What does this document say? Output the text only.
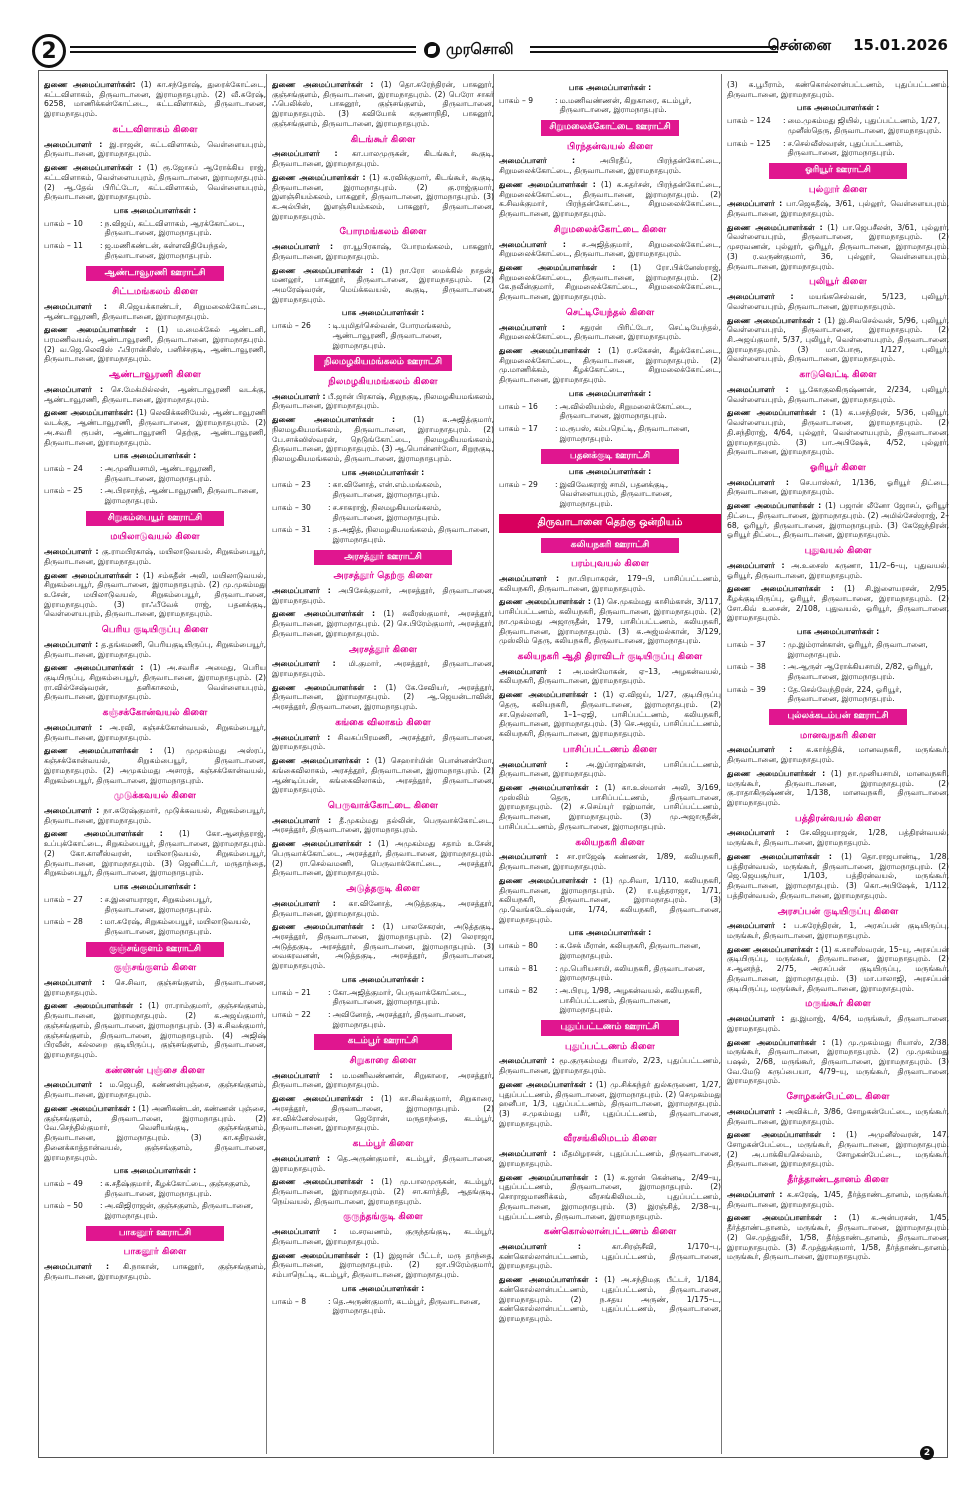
2	முரசொலி	சென்னை 15.01.2026
துணை அமைப்பாளர்கள்: (1) கா.சந்தோஷ், துரைக்கோட்டை, கட்டவிளாகம், திருவாடானை, இராமநாதபுரம். (2) வீ.சுரேஷ், 6258, மாணிக்கன்கோட்டை, கட்டவிளாகம், திருவாடானை, இராமநாதபுரம்.
கட்டவிளாகம் கிளை
அமைப்பாளர் : இ.ராஜன், கட்டவிளாகம், வெள்ளையபுரம், திருவாடானை, இராமநாதபுரம்.
துணை அமைப்பாளர்கள் : (1) ரூ.ஜோசப் ஆரோக்கிய ராஜ், கட்டவிளாகம், வெள்ளையபுரம், திருவாடானை, இராமநாதபுரம். (2) ஆ.தேவ் பிரிட்டோ, கட்டவிளாகம், வெள்ளையபுரம், திருவாடானை, இராமநாதபுரம்.
பாக அமைப்பாளர்கள் :
பாகம் – 10	: ந.விஜய், கட்டவிளாகம், ஆரக்கோட்டை, திருவாடானை, இராமநாதபுரம்.
பாகம் – 11	: ஜ.மணிகண்டன், கள்ளவிதியேந்தல், திருவாடானை, இராமநாதபுரம்.
ஆண்டாவூரணி ஊராட்சி
சிட்டமங்கலம் கிளை
அமைப்பாளர் : சி.ஜெயக்காண்டர், சிறுமலைக்கோட்டை, ஆண்டாவூரணி, திருவாடானை, இராமநாதபுரம்.
துணை அமைப்பாளர்கள் : (1) ம.மைக்கேல் ஆண்டனி, பரமணிவயல், ஆண்டாவூரணி, திருவாடானை, இராமநாதபுரம். (2) வ.ஜெ.லெவிஸ் ஃபிரான்சிஸ், பனிச்சகுடி, ஆண்டாவூரணி, திருவாடானை, இராமநாதபுரம்.
ஆண்டாவூரணி கிளை
அமைப்பாளர் : செ.மேக்மில்லன், ஆண்டாவூரணி வடக்கு, ஆண்டாவூரணி, திருவாடானை, இராமநாதபுரம்.
துணை அமைப்பாளர்கள்: (1) லெவிக்கனியேல், ஆண்டாவூரணி வடக்கு, ஆண்டாவூரணி, திருவாடானை, இராமநாதபுரம். (2) அ.சவரி ரூபன், ஆண்டாவூரணி தெற்கு, ஆண்டாவூரணி, திருவாடானை, இராமநாதபுரம்.
பாக அமைப்பாளர்கள் :
பாகம் – 24	: அ.முனியசாமி, ஆண்டாவூரணி, திருவாடானை, இராமநாதபுரம்.
பாகம் – 25	: அ.பிரசாந்த், ஆண்டாவூரணி, திருவாடானை, இராமநாதபுரம்.
சிறுகம்பையூர் ஊராட்சி
மயிலாடுவயல் கிளை
அமைப்பாளர் : கு.ராமபிரகாஷ், மயிலாடுவயல், சிறுகம்பையூர், திருவாடானை, இராமநாதபுரம்.
துணை அமைப்பாளர்கள் : (1) சம்சுதீன் அலி, மயிலாடுவயல், சிறுகம்பையூர், திருவாடானை, இராமநாதபுரம். (2) மு.முகம்மது உசேன், மயிலாடுவயல், சிறுகம்பையூர், திருவாடானை, இராமநாதபுரம். (3) ராஃபீவேக் ராஜ், பதனக்குடி, வெள்ளையபுரம், திருவாடானை, இராமநாதபுரம்.
பெரிய குடியிருப்பு கிளை
அமைப்பாளர் : த.தங்கமணி, பெரியகுடியிருப்பு, சிறுகம்பையூர், திருவாடானை, இராமநாதபுரம்.
துணை அமைப்பாளர்கள் : (1) அ.சவரிச அமைது, பெரிய குடியிருப்பு, சிறுகம்பையூர், திருவாடானை, இராமநாதபுரம். (2) ரா.வில்சேஷ்வரன், தனிகாசலம், வெள்ளையபுரம், திருவாடானை, இராமநாதபுரம்.
கஞ்சக்கோன்வயல் கிளை
அமைப்பாளர் : அ.ரவி, கஞ்சக்கோன்வயல், சிறுகம்பையூர், திருவாடானை, இராமநாதபுரம்.
துணை அமைப்பாளர்கள் : (1) முமுகம்மது அஸ்ரப், கஞ்சக்கோன்வயல், சிறுகம்பையூர், திருவாடானை, இராமநாதபுரம். (2) அமுகம்மது அசாரத், கஞ்சக்கோன்வயல், சிறுகம்பையூர், திருவாடானை, இராமநாதபுரம்.
முடுக்கவயல் கிளை
அமைப்பாளர் : நா.சுரேஷ்குமார், முடுக்கவயல், சிறுகம்பையூர், திருவாடானை, இராமநாதபுரம்.
துணை அமைப்பாளர்கள் : (1) கோ.ஆனந்தராஜ், உப்புக்கோட்டை, சிறுகம்பையூர், திருவாடானை, இராமநாதபுரம். (2) கோ.காளீஸ்வரன், மயிலாடுவயல், சிறுகம்பையூர், திருவாடானை, இராமநாதபுரம். (3) ஜெனிட்டர், மருதாந்தை, சிறுகம்பையூர், திருவாடானை, இராமநாதபுரம்.
பாக அமைப்பாளர்கள் :
பாகம் – 27	: ச.இளையராஜா, சிறுகம்பையூர், திருவாடானை, இராமநாதபுரம்.
பாகம் – 28	: மா.சுரேஷ், சிறுகம்பையூர், மயிலாடுவயல், திருவாடானை, இராமநாதபுரம்.
குஞ்சங்குளம் ஊராட்சி
குஞ்சங்குளம் கிளை
அமைப்பாளர் : செ.சிவா, குஞ்சங்குளம், திருவாடானை, இராமநாதபுரம்.
துணை அமைப்பாளர்கள் : (1) ரா.ராம்குமார், குஞ்சங்குளம், திருவாடானை, இராமநாதபுரம். (2) க.அஜய்குமார், குஞ்சங்குளம், திருவாடானை, இராமநாதபுரம். (3) க.சிவக்குமார், குஞ்சங்குளம், திருவாடானை, இராமநாதபுரம். (4) அஜிஷ் பிரவீன், கல்லறை குடியிருப்பு, குஞ்சங்குளம், திருவாடானை, இராமநாதபுரம்.
கண்ணன் புஞ்சை கிளை
அமைப்பாளர் : ம.ஜெபதி, கண்ணன்புஞ்சை, குஞ்சங்குளம், திருவாடானை, இராமநாதபுரம்.
துணை அமைப்பாளர்கள் : (1) அணிகண்டன், கண்ணன் புஞ்சை, குஞ்சங்குளம், திருவாடானை, இராமநாதபுரம். (2) வே.செந்தில்குமார், வெளியங்குடி, குஞ்சங்குளம், திருவாடானை, இராமநாதபுரம். (3) கா.கதிரவன், தினைக்காத்தான்வயல், குஞ்சங்குளம், திருவாடானை, இராமநாதபுரம்.
பாக அமைப்பாளர்கள் :
பாகம் – 49	: க.சதீஷ்குமார், கீழக்கோட்டை, குஞ்சகுளம், திருவாடானை, இராமநாதபுரம்.
பாகம் – 50	: அ.விஜிராஜன், குஞ்சகுளம், திருவாடானை, இராமநாதபுரம்.
பாகனூர் ஊராட்சி
பாகனூர் கிளை
அமைப்பாளர் : கி.நாகான், பாகனூர், குஞ்சங்குளம், திருவாடானை, இராமநாதபுரம்.
துணை அமைப்பாளர்கள் : (1) தொ.சுரேந்திரன், பாகனூர், குஞ்சங்குளம், திருவாடானை, இராமநாதபுரம். (2) பெரோ சாகர் ஃபெலிக்ஸ், பாகனூர், குஞ்சங்குளம், திருவாடானை, இராமநாதபுரம். (3) கவியோக் கருணாநிதி, பாகனூர், குஞ்சங்குளம், திருவாடானை, இராமநாதபுரம்.
கிடங்கூர் கிளை
அமைப்பாளர் : கா.பாலமுருகன், கிடங்கூர், கூகுடி, திருவாடானை, இராமநாதபுரம்.
துணை அமைப்பாளர்கள் : (1) க.ரவிக்குமார், கிடங்கூர், கூகுடி, திருவாடானை, இராமநாதபுரம். (2) கு.ராஜ்குமார், இளஞ்சியம்கலம், பாகனூர், திருவாடானை, இராமநாதபுரம். (3) க.அல்பின், இளஞ்சியம்கலம், பாகனூர், திருவாடானை, இராமநாதபுரம்.
போரமங்கலம் கிளை
அமைப்பாளர் : ரா.யூபிரகாஷ், போரமங்கலம், பாகனூர், திருவாடானை, இராமநாதபுரம்.
துணை அமைப்பாளர்கள் : (1) நா.ரோ மைக்கில் நாதன், மணலூர், பாகனூர், திருவாடானை, இராமநாதபுரம். (2) அமரேஷ்வரன், மெய்க்கவயல், கூகுடி, திருவாடானை, இராமநாதபுரம்.
பாக அமைப்பாளர்கள் :
பாகம் – 26	: டி.யுமிதர்செல்வன், போரமங்கலம், ஆண்டாவூரணி, திருவாடானை, இராமநாதபுரம்.
நிலமழகியமங்கலம் ஊராட்சி
நிலமழகியமங்கலம் கிளை
அமைப்பாளர் : பீ.ஜான் பிரகாஷ், சிறுநகுடி, நிலமழகியமங்கலம், திருவாடானை, இராமநாதபுரம்.
துணை அமைப்பாளர்கள் : (1) க.அஜித்குமார், நிலமழகியமங்கலம், திருவாடானை, இராமநாதபுரம். (2) பே.சாக்ஸிஸ்வரன், நெடுங்கோட்டை, நிலமழகியமங்கலம், திருவாடானை, இராமநாதபுரம். (3) ஆ.பொன்னர்மோ, சிறுநகுடி, நிலமழகியமங்கலம், திருவாடானை, இராமநாதபுரம்.
பாக அமைப்பாளர்கள் :
பாகம் – 23	: கா.வினோத், என்.எம்.மங்கலம், திருவாடானை, இராமநாதபுரம்.
பாகம் – 30	: ச.சாகராஜ், நிலமழகியமங்கலம், திருவாடானை, இராமநாதபுரம்.
பாகம் – 31	: த.அஜித், நிலமழகியமங்கலம், திருவாடானை, இராமநாதபுரம்.
அரசத்தூர் ஊராட்சி
அரசத்தூர் தெற்கு கிளை
அமைப்பாளர் : அபிசேக்குமார், அரசத்தூர், திருவாடானை, இராமநாதபுரம்.
துணை அமைப்பாளர்கள் : (1) சுவீரஸ்குமார், அரசத்தூர், திருவாடானை, இராமநாதபுரம். (2) செ.பிரேம்குமார், அரசத்தூர், திருவாடானை, இராமநாதபுரம்.
அரசத்தூர் கிளை
அமைப்பாளர் : மி.குமார், அரசத்தூர், திருவாடானை, இராமநாதபுரம்.
துணை அமைப்பாளர்கள் : (1) கே.சேவியர், அரசத்தூர், திருவாடானை, இராமநாதபுரம். (2) ஆ.ஜெயன்டாவின், அரசத்தூர், திருவாடானை, இராமநாதபுரம்.
கங்கை விலாகம் கிளை
அமைப்பாளர் : சிவசுப்பிரமணி, அரசத்தூர், திருவாடானை, இராமநாதபுரம்.
துணை அமைப்பாளர்கள் : (1) செஹார்மின் பொன்னன்மோ, கங்கைவிலாகம், அரசத்தூர், திருவாடானை, இராமநாதபுரம். (2) ஆண்டிப்பன், கங்கைவிலாகம், அரசத்தூர், திருவாடானை, இராமநாதபுரம்.
பெருவாக்கோட்டை கிளை
அமைப்பாளர் : தீ.முகம்மது தல்லின், பெருவாக்கோட்டை, அரசத்தூர், திருவாடானை, இராமநாதபுரம்.
துணை அமைப்பாளர்கள் : (1) அமுகம்மது சதாம் உசேன், பெருவாக்கோட்டை, அரசத்தூர், திருவாடானை, இராமநாதபுரம். (2) ரா.செல்வமணி, பெருவாக்கோட்டை, அரசத்தூர், திருவாடானை, இராமநாதபுரம்.
அடுத்தகுடி கிளை
அமைப்பாளர் : கா.வினோத், அடுத்தகுடி, அரசத்தூர், திருவாடானை, இராமநாதபுரம்.
துணை அமைப்பாளர்கள் : (1) பாலசேகரன், அடுத்தகுடி, அரசத்தூர், திருவாடானை, இராமநாதபுரம். (2) லெராஜா, அடுத்தகுடி, அரசத்தூர், திருவாடானை, இராமநாதபுரம். (3) வைகரவனன், அடுத்தகுடி, அரசத்தூர், திருவாடானை, இராமநாதபுரம்.
பாக அமைப்பாளர்கள் :
பாகம் – 21	: கோ.அஜித்குமார், பெருவாக்கோட்டை, திருவாடானை, இராமநாதபுரம்.
பாகம் – 22	: அவினோத், அரசத்தூர், திருவாடானை, இராமநாதபுரம்.
கடம்பூர் ஊராட்சி
சிறுகாரை கிளை
அமைப்பாளர் : ம.மணிவண்ணன், சிறுகாரை, அரசத்தூர், திருவாடானை, இராமநாதபுரம்.
துணை அமைப்பாளர்கள் : (1) கா.சிவக்குமார், சிறுகாரை, அரசத்தூர், திருவாடானை, இராமநாதபுரம். (2) சா.விக்னேஸ்வரன், ஜெரோன், மருதாந்தை, கடம்பூர், திருவாடானை, இராமநாதபுரம்.
கடம்பூர் கிளை
அமைப்பாளர் : தெ.அருண்குமார், கடம்பூர், திருவாடானை, இராமநாதபுரம்.
துணை அமைப்பாளர்கள் : (1) மு.பாலமுருகன், கடம்பூர், திருவாடானை, இராமநாதபுரம். (2) சா.கார்த்தி, ஆதங்குடி, நெய்வயல், திருவாடானை, இராமநாதபுரம்.
குருந்தங்குடி கிளை
அமைப்பாளர் : ம.சரவணம், குருந்தங்குடி, கடம்பூர், திருவாடானை, இராமநாதபுரம்.
துணை அமைப்பாளர்கள் : (1) இஜான் பீட்டர், மரு தாந்தை, திருவாடானை, இராமநாதபுரம். (2) ஜா.பிரேம்குமார், சம்பாநெட்டி, கடம்பூர், திருவாடானை, இராமநாதபுரம்.
பாக அமைப்பாளர்கள் :
பாகம் – 8	: தெ.அருண்குமார், கடம்பூர், திருவாடானை, இராமநாதபுரம்.
பாக அமைப்பாளர்கள் :
பாகம் – 9	: ம.மணிவண்ணன், கிறுகாரை, கடம்பூர், திருவாடானை, இராமநாதபுரம்.
சிறுமலைக்கோட்டை ஊராட்சி
பிரந்தன்வயல் கிளை
அமைப்பாளர் : அபிரதீப், பிரந்தன்கோட்டை, சிறுமலைக்கோட்டை, திருவாடானை, இராமநாதபுரம்.
துணை அமைப்பாளர்கள் : (1) க.சுதர்சன், பிரந்தன்கோட்டை, சிறுமலைக்கோட்டை, திருவாடானை, இராமநாதபுரம். (2) க.சிவக்குமார், பிரந்தன்கோட்டை, சிறுமலைக்கோட்டை, திருவாடானை, இராமநாதபுரம்.
சிறுமலைக்கோட்டை கிளை
அமைப்பாளர் : ச.அஜித்குமார், சிறுமலைக்கோட்டை, சிறுமலைக்கோட்டை, திருவாடானை, இராமநாதபுரம்.
துணை அமைப்பாளர்கள் : (1) ரோ.பிக்னேஸ்ராஜ், சிறுமலைக்கோட்டை, திருவாடானை, இராமநாதபுரம். (2) கே.நவீன்குமார், சிறுமலைக்கோட்டை, சிறுமலைக்கோட்டை, திருவாடானை, இராமநாதபுரம்.
செட்டியேந்தல் கிளை
அமைப்பாளர் : சதுரன் பிரிட்டோ, செட்டியேந்தல், சிறுமலைக்கோட்டை, திருவாடானை, இராமநாதபுரம்.
துணை அமைப்பாளர்கள் : (1) ர.சகேசன், கீழக்கோட்டை, சிறுமலைக்கோட்டை, திருவாடானை, இராமநாதபுரம். (2) மு.மாணிக்கம், கீழக்கோட்டை, சிறுமலைக்கோட்டை, திருவாடானை, இராமநாதபுரம்.
பாக அமைப்பாளர்கள் :
பாகம் – 16	: அ.வில்லியம்ஸ், சிறுமலைக்கோட்டை, திருவாடானை, இராமநாதபுரம்.
பாகம் – 17	: ம.ரூபஸ், கம்பநெட்டி, திருவாடானை, இராமநாதபுரம்.
பதனக்குடி ஊராட்சி
பாக அமைப்பாளர்கள் :
பாகம் – 29	: இவிவேகராஜ் சாமி, பதனக்குடி, வெள்ளையபுரம், திருவாடானை, இராமநாதபுரம்.
திருவாடானை தெற்கு ஒன்றியம்
கலியநகரி ஊராட்சி
பரம்புவயல் கிளை
அமைப்பாளர் : நா.பிரபாகரன், 179–பி, பாசிப்பட்டணம், கலியநகரி, திருவாடானை, இராமநாதபுரம்.
துணை அமைப்பாளர்கள் : (1) செ.முகம்மது காசிம்கான், 3/117, பாசிப்பட்டணம், கலியநகரி, திருவாடானை, இராமநாதபுரம். (2) நா.முகம்மது அஜாருதீன், 179, பாசிப்பட்டணம், கலியநகரி, திருவாடானை, இராமநாதபுரம். (3) க.அஜ்மல்கான், 3/129, முஸ்லிம் தெரு, கலியநகரி, திருவாடானை, இராமநாதபுரம்.
கலியநகரி ஆதி திராவிடர் குடியிருப்பு கிளை
அமைப்பாளர் : அ.மன்மோகன், ஏ–13, அழகன்வயல், கலியநகரி, திருவாடானை, இராமநாதபுரம்.
துணை அமைப்பாளர்கள் : (1) ஏ.விஜய், 1/27, குடியிருப்பு தெரு, கலியநகரி, திருவாடானை, இராமநாதபுரம். (2) சா.நெல்லானி, 1–1–ஏஜி, பாசிப்பட்டணம், கலியநகரி, திருவாடானை, இராமநாதபுரம். (3) செ.அஜய், பாசிப்பட்டணம், கலியநகரி, திருவாடானை, இராமநாதபுரம்.
பாசிப்பட்டணம் கிளை
அமைப்பாளர் : அ.இப்ராஹ்கான், பாசிப்பட்டணம், திருவாடானை, இராமநாதபுரம்.
துணை அமைப்பாளர்கள் : (1) கா.உஸ்மான் அலி, 3/169, முஸ்லிம் தெரு, பாசிப்பட்டணம், திருவாடானை, இராமநாதபுரம். (2) ச.செய்யுர் ரஹ்மான், பாசிப்பட்டணம், திருவாடானை, இராமநாதபுரம். (3) மு.அஜாருதீன், பாசிப்பட்டணம், திருவாடானை, இராமநாதபுரம்.
கலியநகரி கிளை
அமைப்பாளர் : சா.ராஜேஷ் கண்ணன், 1/89, கலியநகரி, திருவாடானை, இராமநாதபுரம்.
துணை அமைப்பாளர்கள் : (1) மு.சிவா, 1/110, கலியநகரி, திருவாடானை, இராமநாதபுரம். (2) ர.யுத்தராஜா, 1/71, கலியநகரி, திருவாடானை, இராமநாதபுரம். (3) மு.வெங்கடேஷ்வரன், 1/74, கலியநகரி, திருவாடானை, இராமநாதபுரம்.
பாக அமைப்பாளர்கள் :
பாகம் – 80	: க.சேக் மீரான், கலியநகரி, திருவாடானை, இராமநாதபுரம்.
பாகம் – 81	: மு.பெரியசாமி, கலியநகரி, திருவாடானை, இராமநாதபுரம்.
பாகம் – 82	: அ.பிரபு, 1/98, அழகன்வயல், கலியநகரி, பாசிப்பட்டணம், திருவாடானை, இராமநாதபுரம்.
புதுப்பட்டணம் ஊராட்சி
புதுப்பட்டணம் கிளை
அமைப்பாளர் : மூ.குருகம்மது ரியாஸ், 2/23, புதுப்பட்டணம், திருவாடானை, இராமநாதபுரம்.
துணை அமைப்பாளர்கள் : (1) மு.சிக்கந்தர் துல்கருணை, 1/27, புதுப்பட்டணம், திருவாடானை, இராமநாதபுரம். (2) செமுகம்மது ஹனீபா, 1/3, புதுப்பட்டணம், திருவாடானை, இராமநாதபுரம். (3) ச.முகம்மது பசீர், புதுப்பட்டணம், திருவாடானை, இராமநாதபுரம்.
வீரசங்கிலிமடம் கிளை
அமைப்பாளர் : மீதமிழரசன், புதுப்பட்டணம், திருவாடானை, இராமநாதபுரம்.
துணை அமைப்பாளர்கள் : (1) க.ஜான் கென்னடி, 2/49–யு, புதுப்பட்டணம், திருவாடானை, இராமநாதபுரம். (2) சொராஜமாணிக்கம், வீரசங்கிலிமடம், புதுப்பட்டணம், திருவாடானை, இராமநாதபுரம். (3) இரஞ்சித், 2/38–யு, புதுப்பட்டணம், திருவாடானை, இராமநாதபுரம்.
கண்கொல்லான்பட்டணம் கிளை
அமைப்பாளர் : கா.சிரஞ்சீவி, 1/170–பு, கண்கொல்லான்பட்டணம், புதுப்பட்டணம், திருவாடானை, இராமநாதபுரம்.
துணை அமைப்பாளர்கள் : (1) அ.சந்திமகு பீட்டர், 1/184, கண்கொல்லான்பட்டணம், புதுப்பட்டணம், திருவாடானை, இராமநாதபுரம். (2) ந.சதய அருண், 1/175–ட, கண்கொல்லான்பட்டணம், புதுப்பட்டணம், திருவாடானை, இராமநாதபுரம்.
(3) க.பூபீராம், கண்கொல்லான்பட்டணம், புதுப்பட்டணம், திருவாடானை, இராமநாதபுரம்.
பாக அமைப்பாளர்கள் :
பாகம் – 124	: மை.முகம்மது ஜியில், புதுப்பட்டணம், 1/27, முனீஸ்தெரு, திருவாடானை, இராமநாதபுரம்.
பாகம் – 125	: ச.செல்வீஸ்வரன், புதுப்பட்டணம், திருவாடானை, இராமநாதபுரம்.
ஓரியூர் ஊராட்சி
புல்லூர் கிளை
அமைப்பாளர் : பா.ஜெகதீஷ், 3/61, புல்லூர், வெள்ளையபுரம், திருவாடானை, இராமநாதபுரம்.
துணை அமைப்பாளர்கள் : (1) பா.ஜெபசீலன், 3/61, புல்லூர், வெள்ளையபுரம், திருவாடானை, இராமநாதபுரம். (2) முசரவணன், புல்லூர், ஓரியூர், திருவாடானை, இராமநாதபுரம். (3) ர.வருண்குமார், 36, புல்லூர், வெள்ளையபுரம், திருவாடானை, இராமநாதபுரம்.
புலியூர் கிளை
அமைப்பாளர் : மயங்கசெல்வன், 5/123, புலியூர், வெள்ளையபுரம், திருவாடானை, இராமநாதபுரம்.
துணை அமைப்பாளர்கள் : (1) இ.சிவசெல்வன், 5/96, புலியூர், வெள்ளையபுரம், திருவாடானை, இராமநாதபுரம். (2) சி.அஜய்குமார், 5/37, புலியூர், வெள்ளையபுரம், திருவாடானை, இராமநாதபுரம். (3) மா.போரூ, 1/127, புலியூர், வெள்ளையபுரம், திருவாடானை, இராமநாதபுரம்.
காடுவெட்டி கிளை
அமைப்பாளர் : பூ.கோகுலகிருஷ்ணன், 2/234, புலியூர், வெள்ளையபுரம், திருவாடானை, இராமநாதபுரம்.
துணை அமைப்பாளர்கள் : (1) க.பசந்திரன், 5/36, புலியூர், வெள்ளையபுரம், திருவாடானை, இராமநாதபுரம். (2) தி.சந்திராஜ், 4/64, புல்லூர், வெள்ளையபுரம், திருவாடானை, இராமநாதபுரம். (3) பா.அபிஷேக், 4/52, புல்லூர், திருவாடானை, இராமநாதபுரம்.
ஓரியூர் கிளை
அமைப்பாளர் : செ.பாஸ்கர், 1/136, ஓரியூர் திட்டை, திருவாடானை, இராமநாதபுரம்.
துணை அமைப்பாளர்கள் : (1) பஜான் லீனோ ஜோசப், ஓரியூர் திட்டை, திருவாடானை, இராமநாதபுரம். (2) அமில்சேஸ்ராஜ், 2–68, ஓரியூர், திருவாடானை, இராமநாதபுரம். (3) கேஜேந்திரன், ஓரியூர் திட்டை, திருவாடானை, இராமநாதபுரம்.
புதுவயல் கிளை
அமைப்பாளர் : அ.உசைஸ் கருணா, 11/2–6–யு, புதுவயல், ஓரியூர், திருவாடானை, இராமநாதபுரம்.
துணை அமைப்பாளர்கள் : (1) சி.இளையரசன், 2/95, கீழக்குடியிருப்பு, ஓரியூர், திருவாடானை, இராமநாதபுரம். (2) சோ.கிவ் உசைன், 2/108, புதுவயல், ஓரியூர், திருவாடானை, இராமநாதபுரம்.
பாக அமைப்பாளர்கள் :
பாகம் – 37	: மு.இம்ரான்கான், ஓரியூர், திருவாடானை, இராமநாதபுரம்.
பாகம் – 38	: அ.ஆருள் ஆரோக்கியசாமி, 2/82, ஓரியூர், திருவாடானை, இராமநாதபுரம்.
பாகம் – 39	: தே.செல்வேந்திரன், 224, ஓரியூர், திருவாடானை, இராமநாதபுரம்.
புல்லக்கடம்பன் ஊராட்சி
மானவநகரி கிளை
அமைப்பாளர் : க.கார்த்திக், மானவநகரி, மருங்கூர், திருவாடானை, இராமநாதபுரம்.
துணை அமைப்பாளர்கள் : (1) நா.முனியசாமி, மானவநகரி, மருங்கூர், திருவாடானை, இராமநாதபுரம். (2) கு.ராதாகிருஷ்ணன், 1/138, மானவநகரி, திருவாடானை, இராமநாதபுரம்.
பத்திரன்வயல் கிளை
அமைப்பாளர் : சே.விஜயராஜன், 1/28, பத்திரன்வயல், மருங்கூர், திருவாடானை, இராமநாதபுரம்.
துணை அமைப்பாளர்கள் : (1) தொ.ராஜபாண்டி, 1/28, பத்திரன்வயல், மருங்கூர், திருவாடானை, இராமநாதபுரம். (2) ஜெ.ஜெயசூர்யா, 1/103, பத்திரன்வயல், மருங்கூர், திருவாடானை, இராமநாதபுரம். (3) கொ.அபிஷேக், 1/112, பத்திரன்வயல், திருவாடானை, இராமநாதபுரம்.
அரசப்பன் குடியிருப்பு கிளை
அமைப்பாளர் : ப.சுரேந்திரன், 1, அரசப்பன் குடியிருப்பு, மருங்கூர், திருவாடானை, இராமநாதபுரம்.
துணை அமைப்பாளர்கள் : (1) க.காளீஸ்வரன், 15–யு, அரசப்பன் குடியிருப்பு, மருங்கூர், திருவாடானை, இராமநாதபுரம். (2) ச.ஆனந்த், 2/75, அரசப்பன் குடியிருப்பு, மருங்கூர், திருவாடானை, இராமநாதபுரம். (3) மா.பாலாஜி, அரசப்பன் குடியிருப்பு, மருங்கூர், திருவாடானை, இராமநாதபுரம்.
மருங்கூர் கிளை
அமைப்பாளர் : து.இமாஜ், 4/64, மருங்கூர், திருவாடானை, இராமநாதபுரம்.
துணை அமைப்பாளர்கள் : (1) மு.முகம்மது ரியாஸ், 2/38, மருங்கூர், திருவாடானை, இராமநாதபுரம். (2) மு.முகம்மது பஷல், 2/68, மருங்கூர், திருவாடானை, இராமநாதபுரம். (3) வே.மேடு கருப்பையா, 4/79–யு, மருங்கூர், திருவாடானை, இராமநாதபுரம்.
சோழகன்பேட்டை கிளை
அமைப்பாளர் : அவிக்டர், 3/86, சோழகன்பேட்டை, மருங்கூர், திருவாடானை, இராமநாதபுரம்.
துணை அமைப்பாளர்கள் : (1) அமுனீஸ்வரன், 147, சோழகன்பேட்டை, மருங்கூர், திருவாடானை, இராமநாதபுரம். (2) அ.பாக்கியசெல்வம், சோழகன்பேட்டை, மருங்கூர், திருவாடானை, இராமநாதபுரம்.
தீர்த்தாண்டதானம் கிளை
அமைப்பாளர் : க.சுரேஷ், 1/45, தீர்த்தாண்டதானம், மருங்கூர், திருவாடானை, இராமநாதபுரம்.
துணை அமைப்பாளர்கள் : (1) க.அன்பரசன், 1/45, தீர்த்தாண்டதானம், மருங்கூர், திருவாடானை, இராமநாதபுரம். (2) செ.முத்துவீர், 1/58, தீர்த்தாண்டதானம், திருவாடானை, இராமநாதபுரம். (3) சீ.முத்துக்குமார், 1/58, தீர்த்தாண்டதானம், மருங்கூர், திருவாடானை, இராமநாதபுரம்.
2
